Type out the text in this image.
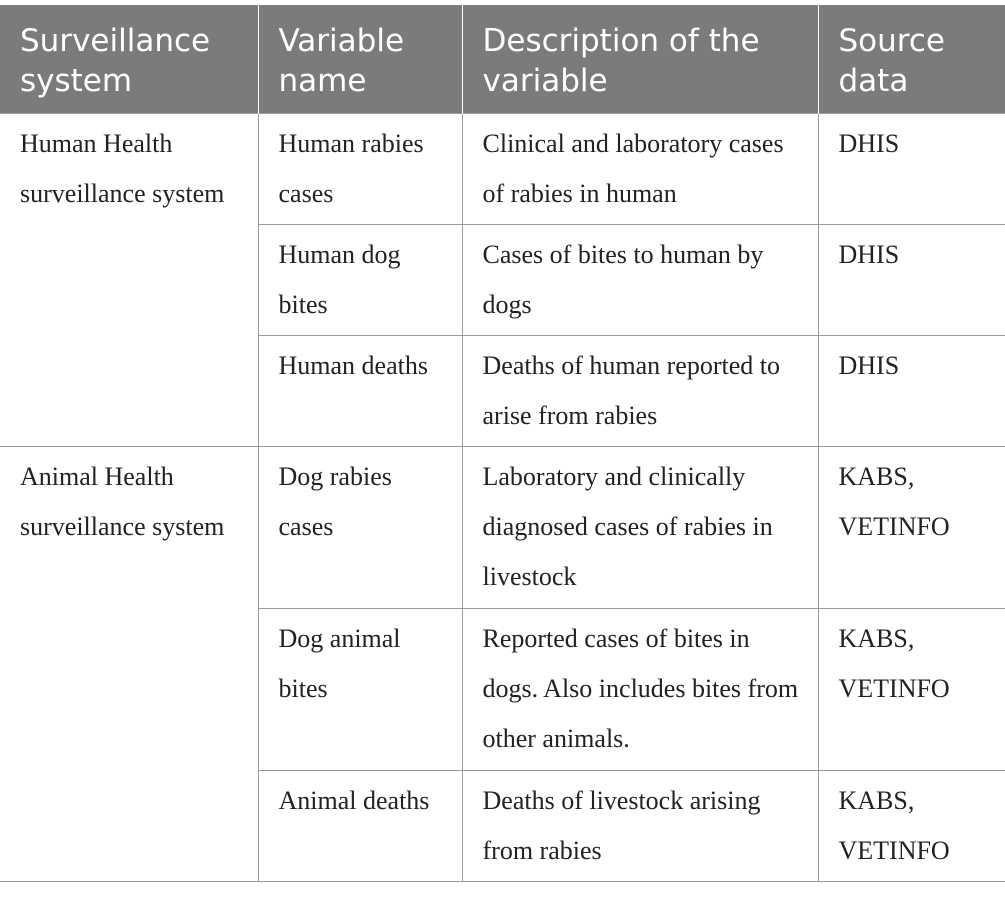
Surveillance system	Variable name	Description of the variable	Source data
Human Health surveillance system	Human rabies cases	Clinical and laboratory cases of rabies in human	DHIS
	Human dog bites	Cases of bites to human by dogs	DHIS
	Human deaths	Deaths of human reported to arise from rabies	DHIS
Animal Health surveillance system	Dog rabies cases	Laboratory and clinically diagnosed cases of rabies in livestock	KABS, VETINFO
	Dog animal bites	Reported cases of bites in dogs. Also includes bites from other animals.	KABS, VETINFO
	Animal deaths	Deaths of livestock arising from rabies	KABS, VETINFO
